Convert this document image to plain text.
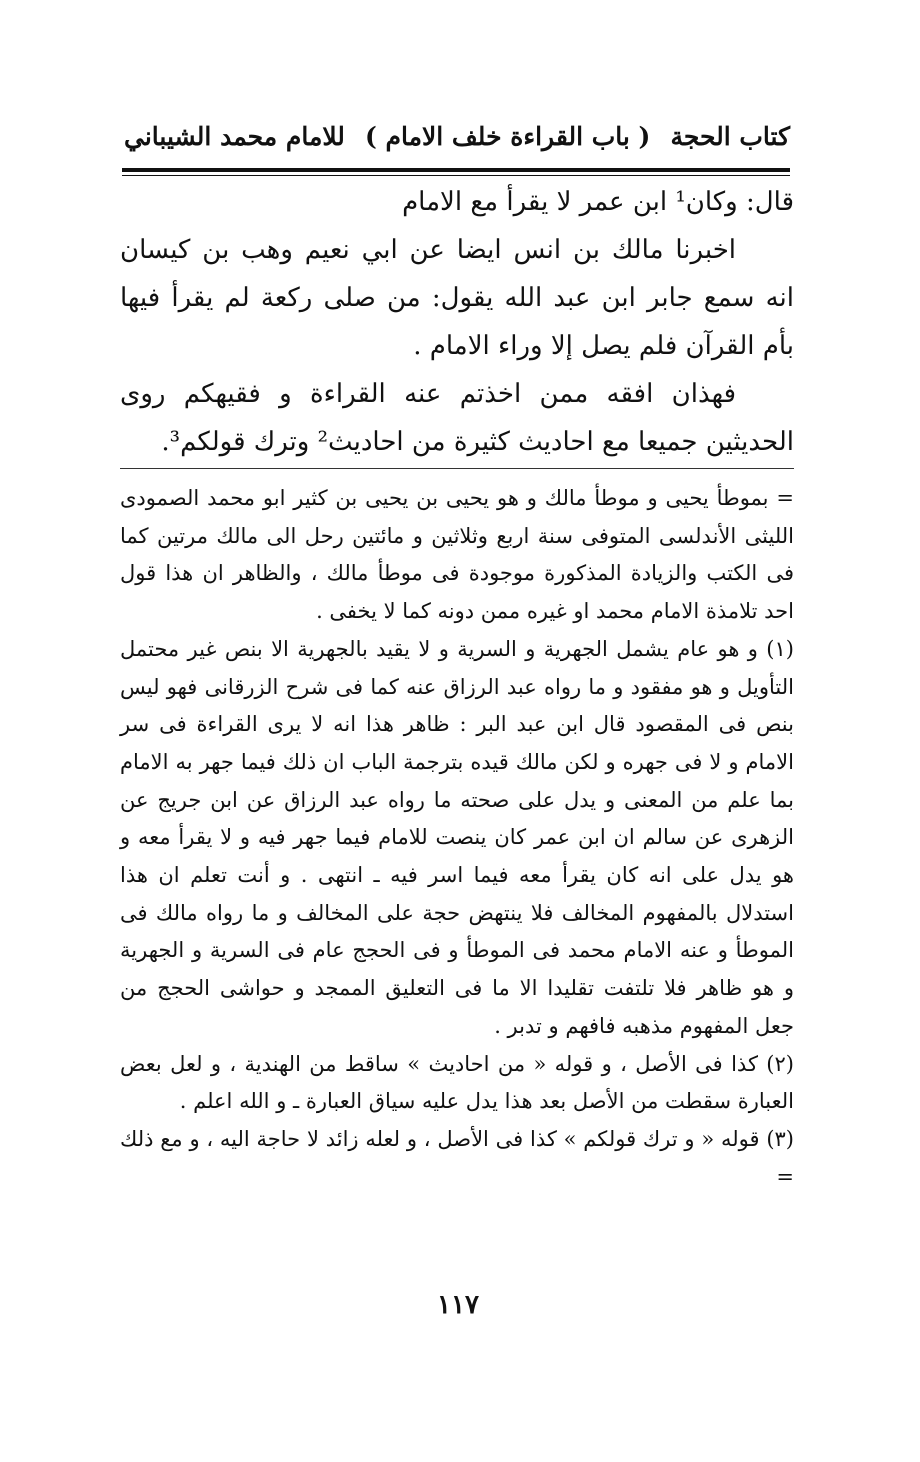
كتاب الحجة
( باب القراءة خلف الامام )
للامام محمد الشيباني

قال: وكان¹ ابن عمر لا يقرأ مع الامام

اخبرنا مالك بن انس ايضا عن ابي نعيم وهب بن كيسان انه سمع جابر ابن عبد الله يقول: من صلى ركعة لم يقرأ فيها بأم القرآن فلم يصل إلا وراء الامام .

فهذان افقه ممن اخذتم عنه القراءة و فقيهكم روى الحديثين جميعا مع احاديث كثيرة من احاديث² وترك قولكم³.

= بموطأ يحيى و موطأ مالك و هو يحيى بن يحيى بن كثير ابو محمد الصمودى الليثى الأندلسى المتوفى سنة اربع وثلاثين و مائتين رحل الى مالك مرتين كما فى الكتب والزيادة المذكورة موجودة فى موطأ مالك ، والظاهر ان هذا قول احد تلامذة الامام محمد او غيره ممن دونه كما لا يخفى .

(١) و هو عام يشمل الجهرية و السرية و لا يقيد بالجهرية الا بنص غير محتمل التأويل و هو مفقود و ما رواه عبد الرزاق عنه كما فى شرح الزرقانى فهو ليس بنص فى المقصود قال ابن عبد البر : ظاهر هذا انه لا يرى القراءة فى سر الامام و لا فى جهره و لكن مالك قيده بترجمة الباب ان ذلك فيما جهر به الامام بما علم من المعنى و يدل على صحته ما رواه عبد الرزاق عن ابن جريج عن الزهرى عن سالم ان ابن عمر كان ينصت للامام فيما جهر فيه و لا يقرأ معه و هو يدل على انه كان يقرأ معه فيما اسر فيه ـ انتهى . و أنت تعلم ان هذا استدلال بالمفهوم المخالف فلا ينتهض حجة على المخالف و ما رواه مالك فى الموطأ و عنه الامام محمد فى الموطأ و فى الحجج عام فى السرية و الجهرية و هو ظاهر فلا تلتفت تقليدا الا ما فى التعليق الممجد و حواشى الحجج من جعل المفهوم مذهبه فافهم و تدبر .

(٢) كذا فى الأصل ، و قوله « من احاديث » ساقط من الهندية ، و لعل بعض العبارة سقطت من الأصل بعد هذا يدل عليه سياق العبارة ـ و الله اعلم .

(٣) قوله « و ترك قولكم » كذا فى الأصل ، و لعله زائد لا حاجة اليه ، و مع ذلك =

١١٧
